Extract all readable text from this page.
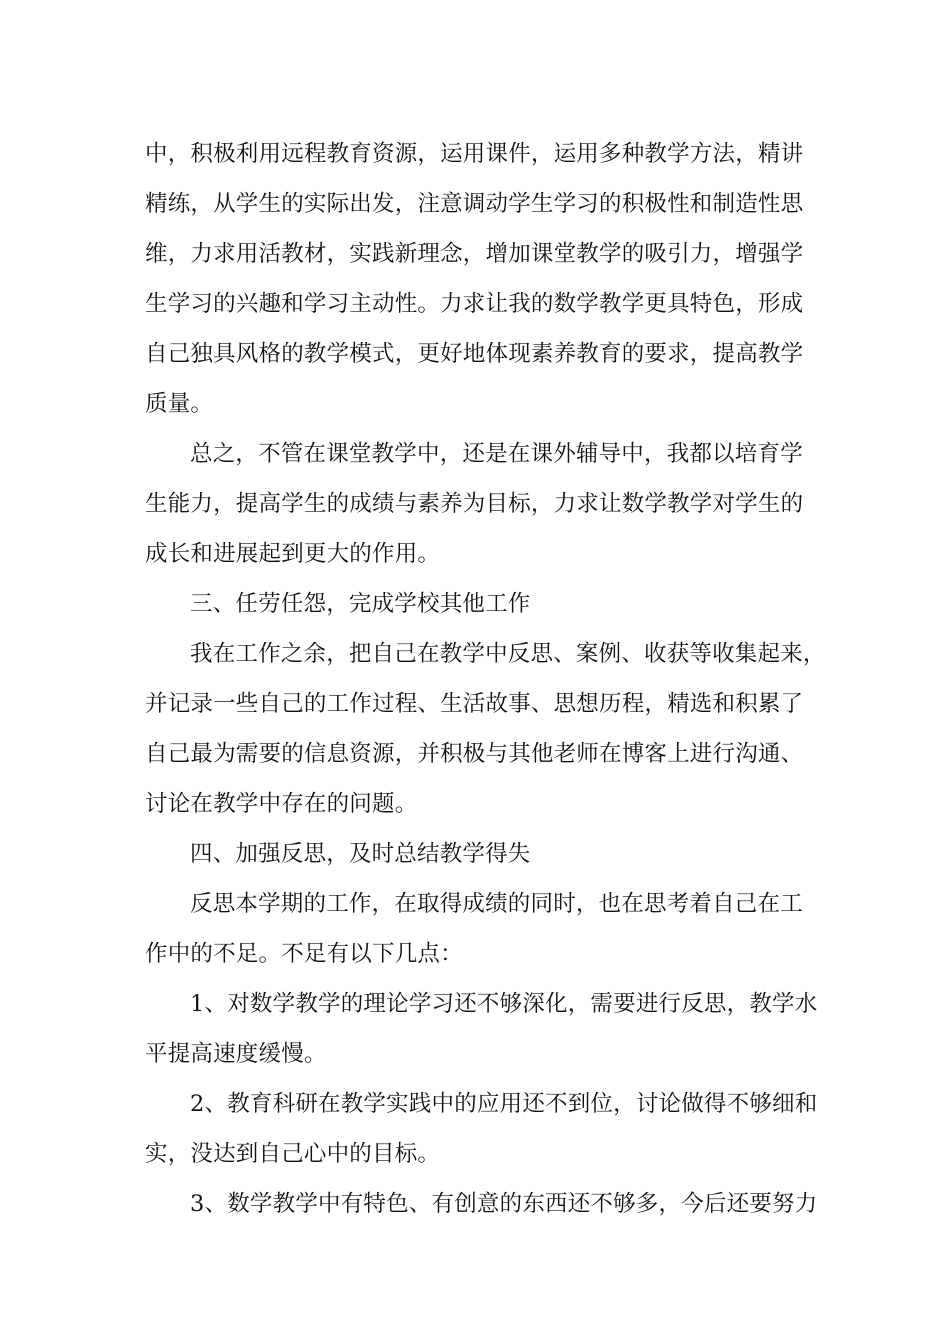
中，积极利用远程教育资源，运用课件，运用多种教学方法，精讲
精练，从学生的实际出发，注意调动学生学习的积极性和制造性思
维，力求用活教材，实践新理念，增加课堂教学的吸引力，增强学
生学习的兴趣和学习主动性。力求让我的数学教学更具特色，形成
自己独具风格的教学模式，更好地体现素养教育的要求，提高教学
质量。
总之，不管在课堂教学中，还是在课外辅导中，我都以培育学
生能力，提高学生的成绩与素养为目标，力求让数学教学对学生的
成长和进展起到更大的作用。
三、任劳任怨，完成学校其他工作
我在工作之余，把自己在教学中反思、案例、收获等收集起来，
并记录一些自己的工作过程、生活故事、思想历程，精选和积累了
自己最为需要的信息资源，并积极与其他老师在博客上进行沟通、
讨论在教学中存在的问题。
四、加强反思，及时总结教学得失
反思本学期的工作，在取得成绩的同时，也在思考着自己在工
作中的不足。不足有以下几点：
1、对数学教学的理论学习还不够深化，需要进行反思，教学水
平提高速度缓慢。
2、教育科研在教学实践中的应用还不到位，讨论做得不够细和
实，没达到自己心中的目标。
3、数学教学中有特色、有创意的东西还不够多，今后还要努力
